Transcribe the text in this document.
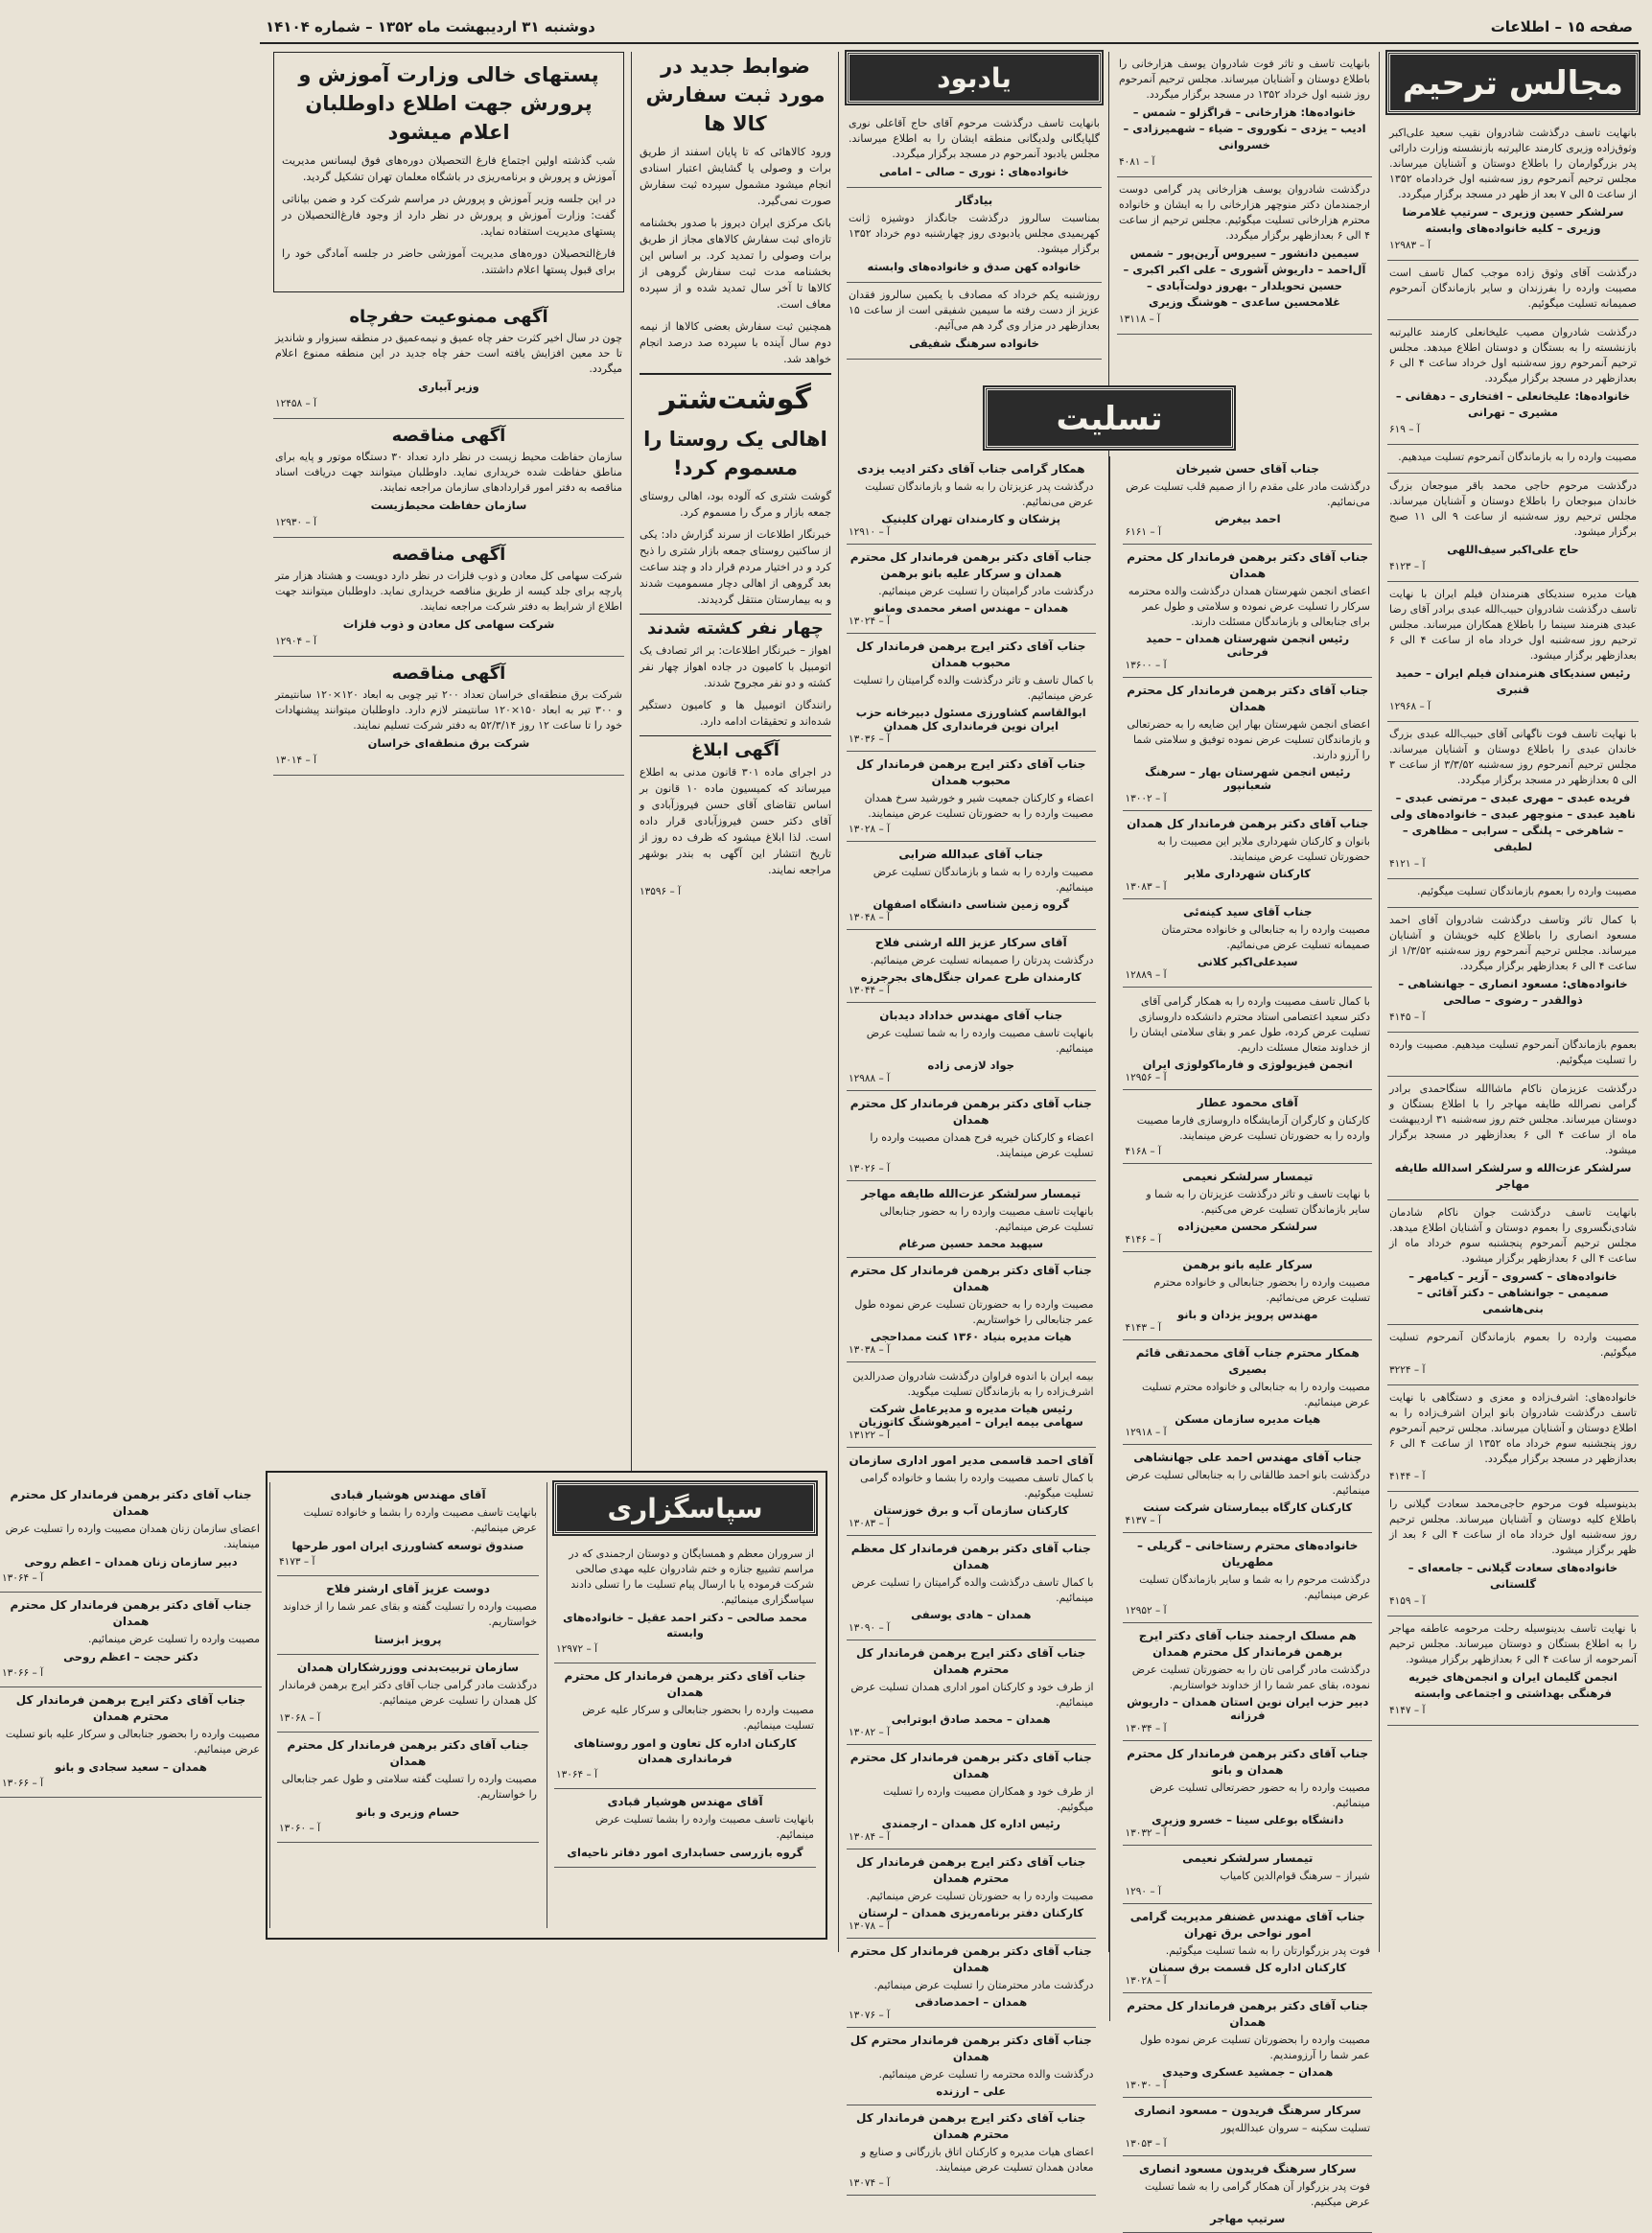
صفحه ۱۵ – اطلاعات
دوشنبه ۳۱ اردیبهشت ماه ۱۳۵۲ – شماره ۱۴۱۰۴
مجالس ترحیم
بانهایت تاسف درگذشت شادروان نقیب سعید علی‌اکبر وثوق‌زاده وزیری کارمند عالیرتبه بازنشسته وزارت دارائی پدر بزرگوارمان را باطلاع دوستان و آشنایان میرساند. مجلس ترحیم آنمرحوم روز سه‌شنبه اول خردادماه ۱۳۵۲ از ساعت ۵ الی ۷ بعد از ظهر در مسجد برگزار میگردد.
سرلشکر حسین وزیری – سرتیپ غلامرضا وزیری – کلیه خانواده‌های وابسته
آ – ۱۲۹۸۳
درگذشت آقای وثوق زاده موجب کمال تاسف است مصیبت وارده را بفرزندان و سایر بازماندگان آنمرحوم صمیمانه تسلیت میگوئیم.
درگذشت شادروان مصیب علیخانعلی کارمند عالیرتبه بازنشسته را به بستگان و دوستان اطلاع میدهد. مجلس ترحیم آنمرحوم روز سه‌شنبه اول خرداد ساعت ۴ الی ۶ بعدازظهر در مسجد برگزار میگردد.
خانواده‌ها: علیخانعلی – افتخاری – دهقانی – مشیری – تهرانی
آ – ۶۱۹
مصیبت وارده را به بازماندگان آنمرحوم تسلیت میدهیم.
درگذشت مرحوم حاجی محمد باقر مبوجعان بزرگ خاندان مبوجعان را باطلاع دوستان و آشنایان میرساند. مجلس ترحیم روز سه‌شنبه از ساعت ۹ الی ۱۱ صبح برگزار میشود.
حاج علی‌اکبر سیف‌اللهی
آ – ۴۱۲۳
هیات مدیره سندیکای هنرمندان فیلم ایران با نهایت تاسف درگذشت شادروان حبیب‌الله عبدی برادر آقای رضا عبدی هنرمند سینما را باطلاع همکاران میرساند. مجلس ترحیم روز سه‌شنبه اول خرداد ماه از ساعت ۴ الی ۶ بعدازظهر برگزار میشود.
رئیس سندیکای هنرمندان فیلم ایران – حمید قنبری
آ – ۱۲۹۶۸
با نهایت تاسف فوت ناگهانی آقای حبیب‌الله عبدی بزرگ خاندان عبدی را باطلاع دوستان و آشنایان میرساند. مجلس ترحیم آنمرحوم روز سه‌شنبه ۳/۳/۵۲ از ساعت ۳ الی ۵ بعدازظهر در مسجد برگزار میگردد.
فریده عبدی – مهری عبدی – مرتضی عبدی – ناهید عبدی – منوچهر عبدی – خانواده‌های ولی – شاهرخی – پلنگی – سرابی – مظاهری – لطیفی
آ – ۴۱۲۱
مصیبت وارده را بعموم بازماندگان تسلیت میگوئیم.
با کمال تاثر وتاسف درگذشت شادروان آقای احمد مسعود انصاری را باطلاع کلیه خویشان و آشنایان میرساند. مجلس ترحیم آنمرحوم روز سه‌شنبه ۱/۳/۵۲ از ساعت ۴ الی ۶ بعدازظهر برگزار میگردد.
خانواده‌های: مسعود انصاری – جهانشاهی – ذوالقدر – رضوی – صالحی
آ – ۴۱۴۵
بعموم بازماندگان آنمرحوم تسلیت میدهیم. مصیبت وارده را تسلیت میگوئیم.
درگذشت عزیزمان ناکام ماشاالله سنگاحمدی برادر گرامی نصرالله طایفه مهاجر را با اطلاع بستگان و دوستان میرساند. مجلس ختم روز سه‌شنبه ۳۱ اردیبهشت ماه از ساعت ۴ الی ۶ بعدازظهر در مسجد برگزار میشود.
سرلشکر عزت‌الله و سرلشکر اسدالله طایفه مهاجر
بانهایت تاسف درگذشت جوان ناکام شادمان شادی‌نگسروی را بعموم دوستان و آشنایان اطلاع میدهد. مجلس ترحیم آنمرحوم پنجشنبه سوم خرداد ماه از ساعت ۴ الی ۶ بعدازظهر برگزار میشود.
خانواده‌های – کسروی – آزیر – کیامهر – صمیمی – جوانشاهی – دکتر آقائی – بنی‌هاشمی
مصیبت وارده را بعموم بازماندگان آنمرحوم تسلیت میگوئیم.
آ – ۳۲۲۴
خانواده‌های: اشرف‌زاده و معزی و دستگاهی با نهایت تاسف درگذشت شادروان بانو ایران اشرف‌زاده را به اطلاع دوستان و آشنایان میرساند. مجلس ترحیم آنمرحوم روز پنجشنبه سوم خرداد ماه ۱۳۵۲ از ساعت ۴ الی ۶ بعدازظهر در مسجد برگزار میگردد.
آ – ۴۱۴۴
بدینوسیله فوت مرحوم حاجی‌محمد سعادت گیلانی را باطلاع کلیه دوستان و آشنایان میرساند. مجلس ترحیم روز سه‌شنبه اول خرداد ماه از ساعت ۴ الی ۶ بعد از ظهر برگزار میشود.
خانواده‌های سعادت گیلانی – جامعه‌ای – گلستانی
آ – ۴۱۵۹
با نهایت تاسف بدینوسیله رحلت مرحومه عاطفه مهاجر را به اطلاع بستگان و دوستان میرساند. مجلس ترحیم آنمرحومه از ساعت ۴ الی ۶ بعدازظهر برگزار میشود.
انجمن گلیمان ایران و انجمن‌های خیریه فرهنگی بهداشتی و اجتماعی وابسته
آ – ۴۱۴۷
بانهایت تاسف و تاثر فوت شادروان یوسف هزارخانی را باطلاع دوستان و آشنایان میرساند. مجلس ترحیم آنمرحوم روز شنبه اول خرداد ۱۳۵۲ در مسجد برگزار میگردد.
خانواده‌ها: هزارخانی – قراگزلو – شمس – ادیب – یزدی – نکوروی – ضیاء – شهمیرزادی – خسروانی
آ – ۴۰۸۱
درگذشت شادروان یوسف هزارخانی پدر گرامی دوست ارجمندمان دکتر منوچهر هزارخانی را به ایشان و خانواده محترم هزارخانی تسلیت میگوئیم. مجلس ترحیم از ساعت ۴ الی ۶ بعدازظهر برگزار میگردد.
سیمین دانشور – سیروس آرین‌پور – شمس آل‌احمد – داریوش آشوری – علی اکبر اکبری – حسین تحویلدار – بهروز دولت‌آبادی – غلامحسین ساعدی – هوشنگ وزیری
آ – ۱۳۱۱۸
یادبود
بانهایت تاسف درگذشت مرحوم آقای حاج آقاعلی نوری گلپایگانی ولدیگانی منطقه ایشان را به اطلاع میرساند. مجلس یادبود آنمرحوم در مسجد برگزار میگردد.
خانواده‌های : نوری – صالی – امامی
بیادگار
بمناسبت سالروز درگذشت جانگداز دوشیزه ژانت کهریمیدی مجلس یادبودی روز چهارشنبه دوم خرداد ۱۳۵۲ برگزار میشود.
خانواده کهن صدق و خانواده‌های وابسته
روزشنبه یکم خرداد که مصادف با یکمین سالروز فقدان عزیز از دست رفته ما سیمین شفیقی است از ساعت ۱۵ بعدازظهر در مزار وی گرد هم می‌آئیم.
خانواده سرهنگ شفیقی
تسلیت
جناب آقای حسن شیرخان
درگذشت مادر علی مقدم را از صمیم قلب تسلیت عرض می‌نمائیم.
احمد بیغرض
آ – ۶۱۶۱
جناب آقای دکتر برهمن فرماندار کل محترم همدان
اعضای انجمن شهرستان همدان درگذشت والده محترمه سرکار را تسلیت عرض نموده و سلامتی و طول عمر برای جنابعالی و بازماندگان مسئلت دارند.
رئیس انجمن شهرستان همدان – حمید فرحانی
آ – ۱۳۶۰۰
جناب آقای دکتر برهمن فرماندار کل محترم همدان
اعضای انجمن شهرستان بهار این ضایعه را به حضرتعالی و بازماندگان تسلیت عرض نموده توفیق و سلامتی شما را آرزو دارند.
رئیس انجمن شهرستان بهار – سرهنگ شعبانپور
آ – ۱۳۰۰۲
جناب آقای دکتر برهمن فرماندار کل همدان
بانوان و کارکنان شهرداری ملایر این مصیبت را به حضورتان تسلیت عرض مینمایند.
کارکنان شهرداری ملایر
آ – ۱۳۰۸۳
جناب آقای سید کینه‌ئی
مصیبت وارده را به جنابعالی و خانواده محترمتان صمیمانه تسلیت عرض می‌نمائیم.
سیدعلی‌اکبر کلانی
آ – ۱۲۸۸۹
با کمال تاسف مصیبت وارده را به همکار گرامی آقای دکتر سعید اعتصامی استاد محترم دانشکده داروسازی تسلیت عرض کرده، طول عمر و بقای سلامتی ایشان را از خداوند متعال مسئلت داریم.
انجمن فیزیولوژی و فارماکولوژی ایران
آ – ۱۲۹۵۶
آقای محمود عطار
کارکنان و کارگران آزمایشگاه داروسازی فارما مصیبت وارده را به حضورتان تسلیت عرض مینمایند.
آ – ۴۱۶۸
تیمسار سرلشکر نعیمی
با نهایت تاسف و تاثر درگذشت عزیزتان را به شما و سایر بازماندگان تسلیت عرض می‌کنیم.
سرلشکر محسن معین‌زاده
آ – ۴۱۴۶
سرکار علیه بانو برهمن
مصیبت وارده را بحضور جنابعالی و خانواده محترم تسلیت عرض می‌نمائیم.
مهندس پرویز یزدان و بانو
آ – ۴۱۴۳
همکار محترم جناب آقای محمدتقی قائم بصیری
مصیبت وارده را به جنابعالی و خانواده محترم تسلیت عرض مینمائیم.
هیات مدیره سازمان مسکن
آ – ۱۲۹۱۸
جناب آقای مهندس احمد علی جهانشاهی
درگذشت بانو احمد طالقانی را به جنابعالی تسلیت عرض مینمائیم.
کارکنان کارگاه بیمارستان شرکت سنت
آ – ۴۱۳۷
خانواده‌های محترم رستاخانی – گریلی – مطهریان
درگذشت مرحوم را به شما و سایر بازماندگان تسلیت عرض مینمائیم.
آ – ۱۲۹۵۲
هم مسلک ارجمند جناب آقای دکتر ایرج برهمن فرماندار کل محترم همدان
درگذشت مادر گرامی تان را به حضورتان تسلیت عرض نموده، بقای عمر شما را از خداوند خواستاریم.
دبیر حزب ایران نوین استان همدان – داریوش فرزانه
آ – ۱۳۰۳۴
جناب آقای دکتر برهمن فرماندار کل محترم همدان و بانو
مصیبت وارده را به حضور حضرتعالی تسلیت عرض مینمائیم.
دانشگاه بوعلی سینا – خسرو وزیری
آ – ۱۳۰۳۲
تیمسار سرلشکر نعیمی
شیراز – سرهنگ قوام‌الدین کامیاب
آ – ۱۲۹۰
جناب آقای مهندس غضنفر مدیریت گرامی امور نواحی برق تهران
فوت پدر بزرگوارتان را به شما تسلیت میگوئیم.
کارکنان اداره کل قسمت برق سمنان
آ – ۱۳۰۲۸
جناب آقای دکتر برهمن فرماندار کل محترم همدان
مصیبت وارده را بحضورتان تسلیت عرض نموده طول عمر شما را آرزومندیم.
همدان – جمشید عسکری وحیدی
آ – ۱۳۰۳۰
سرکار سرهنگ فریدون – مسعود انصاری
تسلیت سکینه – سروان عبدالله‌پور
آ – ۱۳۰۵۳
سرکار سرهنگ فریدون مسعود انصاری
فوت پدر بزرگوار آن همکار گرامی را به شما تسلیت عرض میکنیم.
سرتیپ مهاجر
همکار گرامی جناب آقای دکتر ادیب یزدی
درگذشت پدر عزیزتان را به شما و بازماندگان تسلیت عرض می‌نمائیم.
پزشکان و کارمندان تهران کلینیک
آ – ۱۲۹۱۰
جناب آقای دکتر برهمن فرماندار کل محترم همدان و سرکار علیه بانو برهمن
درگذشت مادر گرامیتان را تسلیت عرض مینمائیم.
همدان – مهندس اصغر محمدی ومانو
آ – ۱۳۰۲۴
جناب آقای دکتر ایرج برهمن فرماندار کل محبوب همدان
با کمال تاسف و تاثر درگذشت والده گرامیتان را تسلیت عرض مینمائیم.
ابوالقاسم کشاورزی مسئول دبیرخانه حزب ایران نوین فرمانداری کل همدان
آ – ۱۳۰۳۶
جناب آقای دکتر ایرج برهمن فرماندار کل محبوب همدان
اعضاء و کارکنان جمعیت شیر و خورشید سرخ همدان مصیبت وارده را به حضورتان تسلیت عرض مینمایند.
آ – ۱۳۰۲۸
جناب آقای عبدالله ضرابی
مصیبت وارده را به شما و بازماندگان تسلیت عرض مینمائیم.
گروه زمین شناسی دانشگاه اصفهان
آ – ۱۳۰۴۸
آقای سرکار عزیز الله ارشنی فلاح
درگذشت پدرتان را صمیمانه تسلیت عرض مینمائیم.
کارمندان طرح عمران جنگل‌های بجرجرزه
آ – ۱۳۰۴۴
جناب آقای مهندس خداداد دیدبان
بانهایت تاسف مصیبت وارده را به شما تسلیت عرض مینمائیم.
جواد لازمی زاده
آ – ۱۲۹۸۸
جناب آقای دکتر برهمن فرماندار کل محترم همدان
اعضاء و کارکنان خیریه فرح همدان مصیبت وارده را تسلیت عرض مینمایند.
آ – ۱۳۰۲۶
تیمسار سرلشکر عزت‌الله طایفه مهاجر
بانهایت تاسف مصیبت وارده را به حضور جنابعالی تسلیت عرض مینمائیم.
سپهبد محمد حسین صرغام
جناب آقای دکتر برهمن فرماندار کل محترم همدان
مصیبت وارده را به حضورتان تسلیت عرض نموده طول عمر جنابعالی را خواستاریم.
هیات مدیره بنیاد ۱۳۶۰ کنت ممداحجی
آ – ۱۳۰۳۸
بیمه ایران با اندوه فراوان درگذشت شادروان صدرالدین اشرف‌زاده را به بازماندگان تسلیت میگوید.
رئیس هیات مدیره و مدیرعامل شرکت سهامی بیمه ایران – امیرهوشنگ کاتوزیان
آ – ۱۳۱۲۲
آقای احمد قاسمی مدیر امور اداری سازمان
با کمال تاسف مصیبت وارده را بشما و خانواده گرامی تسلیت میگوئیم.
کارکنان سازمان آب و برق خوزستان
آ – ۱۳۰۸۳
جناب آقای دکتر برهمن فرماندار کل معظم همدان
با کمال تاسف درگذشت والده گرامیتان را تسلیت عرض مینمائیم.
همدان – هادی یوسفی
آ – ۱۳۰۹۰
جناب آقای دکتر ایرج برهمن فرماندار کل محترم همدان
از طرف خود و کارکنان امور اداری همدان تسلیت عرض مینمائیم.
همدان – محمد صادق ابوترابی
آ – ۱۳۰۸۲
جناب آقای دکتر برهمن فرماندار کل محترم همدان
از طرف خود و همکاران مصیبت وارده را تسلیت میگوئیم.
رئیس اداره کل همدان – ارجمندی
آ – ۱۳۰۸۴
جناب آقای دکتر ایرج برهمن فرماندار کل محترم همدان
مصیبت وارده را به حضورتان تسلیت عرض مینمائیم.
کارکنان دفتر برنامه‌ریزی همدان – لرستان
آ – ۱۳۰۷۸
جناب آقای دکتر برهمن فرماندار کل محترم همدان
درگذشت مادر محترمتان را تسلیت عرض مینمائیم.
همدان – احمدصادقی
آ – ۱۳۰۷۶
جناب آقای دکتر برهمن فرماندار محترم کل همدان
درگذشت والده محترمه را تسلیت عرض مینمائیم.
علی – ارزنده
جناب آقای دکتر ایرج برهمن فرماندار کل محترم همدان
اعضای هیات مدیره و کارکنان اتاق بازرگانی و صنایع و معادن همدان تسلیت عرض مینمایند.
آ – ۱۳۰۷۴
ضوابط جدید در مورد ثبت سفارش کالا ها

ورود کالاهائی که تا پایان اسفند از طریق برات و وصولی یا گشایش اعتبار اسنادی انجام میشود مشمول سپرده ثبت سفارش صورت نمی‌گیرد.

بانک مرکزی ایران دیروز با صدور بخشنامه تازه‌ای ثبت سفارش کالاهای مجاز از طریق برات وصولی را تمدید کرد. بر اساس این بخشنامه مدت ثبت سفارش گروهی از کالاها تا آخر سال تمدید شده و از سپرده معاف است.

همچنین ثبت سفارش بعضی کالاها از نیمه دوم سال آینده با سپرده صد درصد انجام خواهد شد.

گوشت‌شتر
اهالی یک روستا را مسموم کرد!

گوشت شتری که آلوده بود، اهالی روستای جمعه بازار و مرگ را مسموم کرد.

خبرنگار اطلاعات از سرند گزارش داد: یکی از ساکنین روستای جمعه بازار شتری را ذبح کرد و در اختیار مردم قرار داد و چند ساعت بعد گروهی از اهالی دچار مسمومیت شدند و به بیمارستان منتقل گردیدند.

چهار نفر کشته شدند

اهواز – خبرنگار اطلاعات: بر اثر تصادف یک اتومبیل با کامیون در جاده اهواز چهار نفر کشته و دو نفر مجروح شدند.

رانندگان اتومبیل ها و کامیون دستگیر شده‌اند و تحقیقات ادامه دارد.

آگهی ابلاغ

در اجرای ماده ۳۰۱ قانون مدنی به اطلاع میرساند که کمیسیون ماده ۱۰ قانون بر اساس تقاضای آقای حسن فیروزآبادی و آقای دکتر حسن فیروزآبادی قرار داده است. لذا ابلاغ میشود که ظرف ده روز از تاریخ انتشار این آگهی به بندر بوشهر مراجعه نمایند.

آ – ۱۳۵۹۶
پستهای خالی وزارت آموزش و پرورش جهت اطلاع داوطلبان اعلام میشود

شب گذشته اولین اجتماع فارغ التحصیلان دوره‌های فوق لیسانس مدیریت آموزش و پرورش و برنامه‌ریزی در باشگاه معلمان تهران تشکیل گردید.

در این جلسه وزیر آموزش و پرورش در مراسم شرکت کرد و ضمن بیاناتی گفت: وزارت آموزش و پرورش در نظر دارد از وجود فارغ‌التحصیلان در پستهای مدیریت استفاده نماید.

فارغ‌التحصیلان دوره‌های مدیریت آموزشی حاضر در جلسه آمادگی خود را برای قبول پستها اعلام داشتند.

آگهی ممنوعیت حفرچاه
چون در سال اخیر کثرت حفر چاه عمیق و نیمه‌عمیق در منطقه سبزوار و شاندیز تا حد معین افزایش یافته است حفر چاه جدید در این منطقه ممنوع اعلام میگردد.
وزیر آبیاری
آ – ۱۲۴۵۸
آگهی مناقصه
سازمان حفاظت محیط زیست در نظر دارد تعداد ۳۰ دستگاه موتور و پایه برای مناطق حفاظت شده خریداری نماید. داوطلبان میتوانند جهت دریافت اسناد مناقصه به دفتر امور قراردادهای سازمان مراجعه نمایند.
سازمان حفاظت محیط‌زیست
آ – ۱۲۹۳۰
آگهی مناقصه
شرکت سهامی کل معادن و ذوب فلزات در نظر دارد دویست و هشتاد هزار متر پارچه برای جلد کیسه از طریق مناقصه خریداری نماید. داوطلبان میتوانند جهت اطلاع از شرایط به دفتر شرکت مراجعه نمایند.
شرکت سهامی کل معادن و ذوب فلزات
آ – ۱۲۹۰۴
آگهی مناقصه
شرکت برق منطقه‌ای خراسان تعداد ۲۰۰ تیر چوبی به ابعاد ۱۲۰×۱۲۰ سانتیمتر و ۳۰۰ تیر به ابعاد ۱۵۰×۱۲۰ سانتیمتر لازم دارد. داوطلبان میتوانند پیشنهادات خود را تا ساعت ۱۲ روز ۵۲/۳/۱۴ به دفتر شرکت تسلیم نمایند.
شرکت برق منطقه‌ای خراسان
آ – ۱۳۰۱۴
سپاسگزاری
از سروران معظم و همسایگان و دوستان ارجمندی که در مراسم تشییع جنازه و ختم شادروان علیه مهدی صالحی شرکت فرموده یا با ارسال پیام تسلیت ما را تسلی دادند سپاسگزاری مینمائیم.
محمد صالحی – دکتر احمد عقیل – خانواده‌های وابسته
آ – ۱۲۹۷۲
جناب آقای دکتر برهمن فرماندار کل محترم همدان
مصیبت وارده را بحضور جنابعالی و سرکار علیه عرض تسلیت مینمائیم.
کارکنان اداره کل تعاون و امور روستاهای فرمانداری همدان
آ – ۱۳۰۶۴
آقای مهندس هوشیار قبادی
بانهایت تاسف مصیبت وارده را بشما تسلیت عرض مینمائیم.
گروه بازرسی حسابداری امور دفاتر ناحیه‌ای
آقای مهندس هوشیار قبادی
بانهایت تاسف مصیبت وارده را بشما و خانواده تسلیت عرض مینمائیم.
صندوق توسعه کشاورزی ایران امور طرحها
آ – ۴۱۷۳
دوست عزیز آقای ارشنر فلاح
مصیبت وارده را تسلیت گفته و بقای عمر شما را از خداوند خواستاریم.
پرویز ابزستا
سازمان تربیت‌بدنی ووزرشکاران همدان
درگذشت مادر گرامی جناب آقای دکتر ایرج برهمن فرماندار کل همدان را تسلیت عرض مینمائیم.
آ – ۱۳۰۶۸
جناب آقای دکتر برهمن فرماندار کل محترم همدان
مصیبت وارده را تسلیت گفته سلامتی و طول عمر جنابعالی را خواستاریم.
حسام وزیری و بانو
آ – ۱۳۰۶۰
جناب آقای دکتر برهمن فرماندار کل محترم همدان
اعضای سازمان زنان همدان مصیبت وارده را تسلیت عرض مینمایند.
دبیر سازمان زنان همدان – اعظم روحی
آ – ۱۳۰۶۴
جناب آقای دکتر برهمن فرماندار کل محترم همدان
مصیبت وارده را تسلیت عرض مینمائیم.
دکتر حجت – اعظم روحی
آ – ۱۳۰۶۶
جناب آقای دکتر ایرج برهمن فرماندار کل محترم همدان
مصیبت وارده را بحضور جنابعالی و سرکار علیه بانو تسلیت عرض مینمائیم.
همدان – سعید سجادی و بانو
آ – ۱۳۰۶۶
